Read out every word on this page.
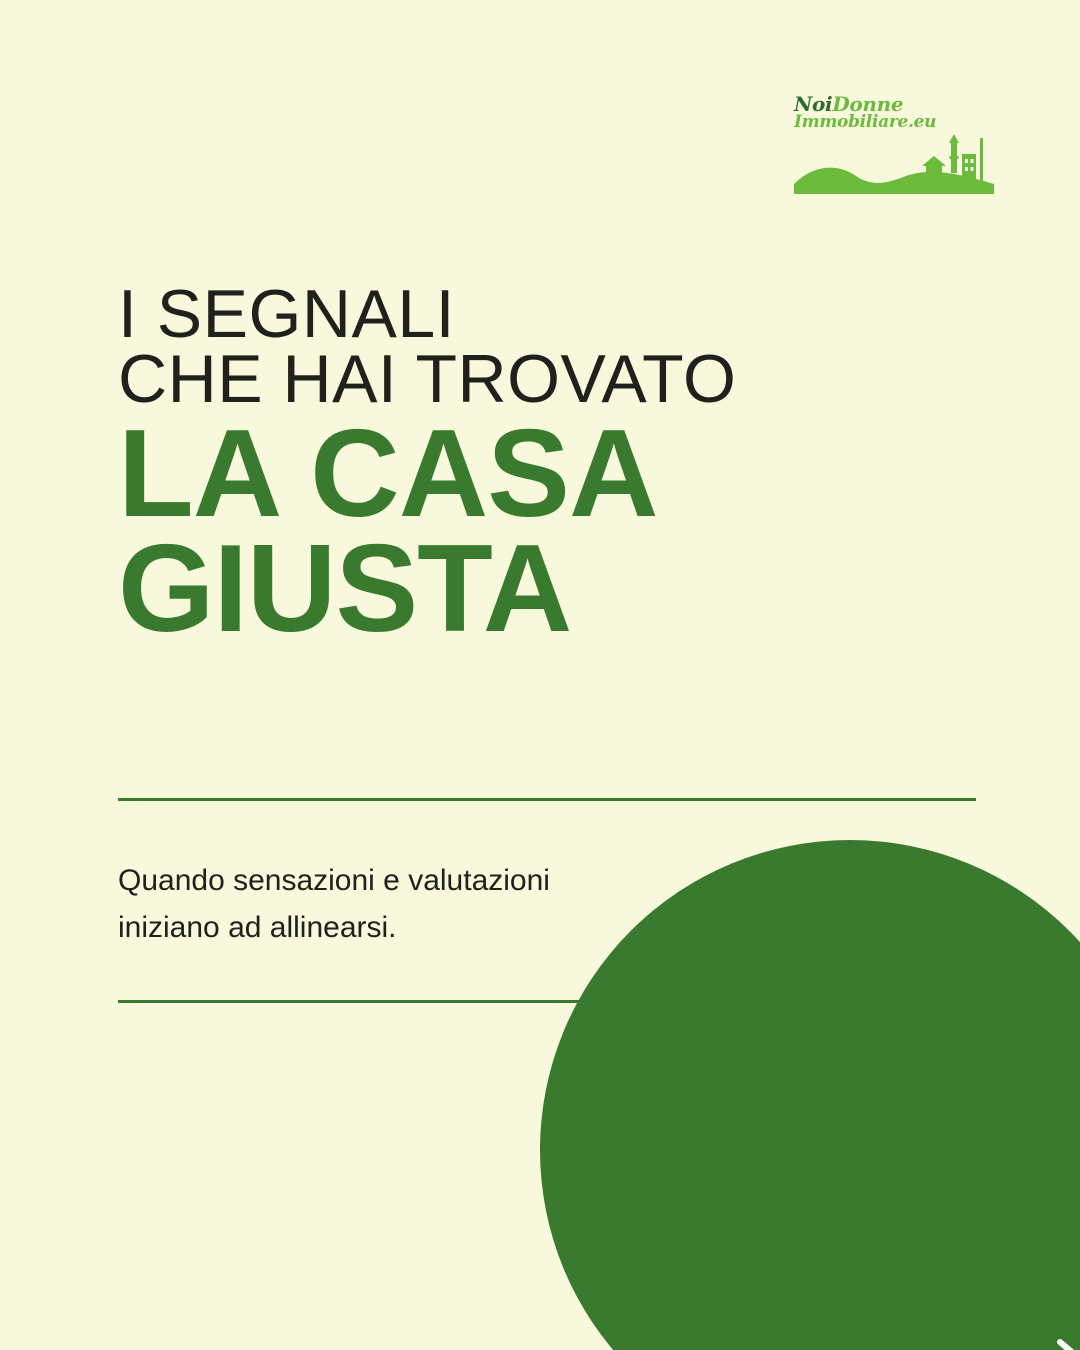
NoiDonne
Immobiliare.eu
I SEGNALI
CHE HAI TROVATO
LA CASA
GIUSTA
Quando sensazioni e valutazioni
iniziano ad allinearsi.
